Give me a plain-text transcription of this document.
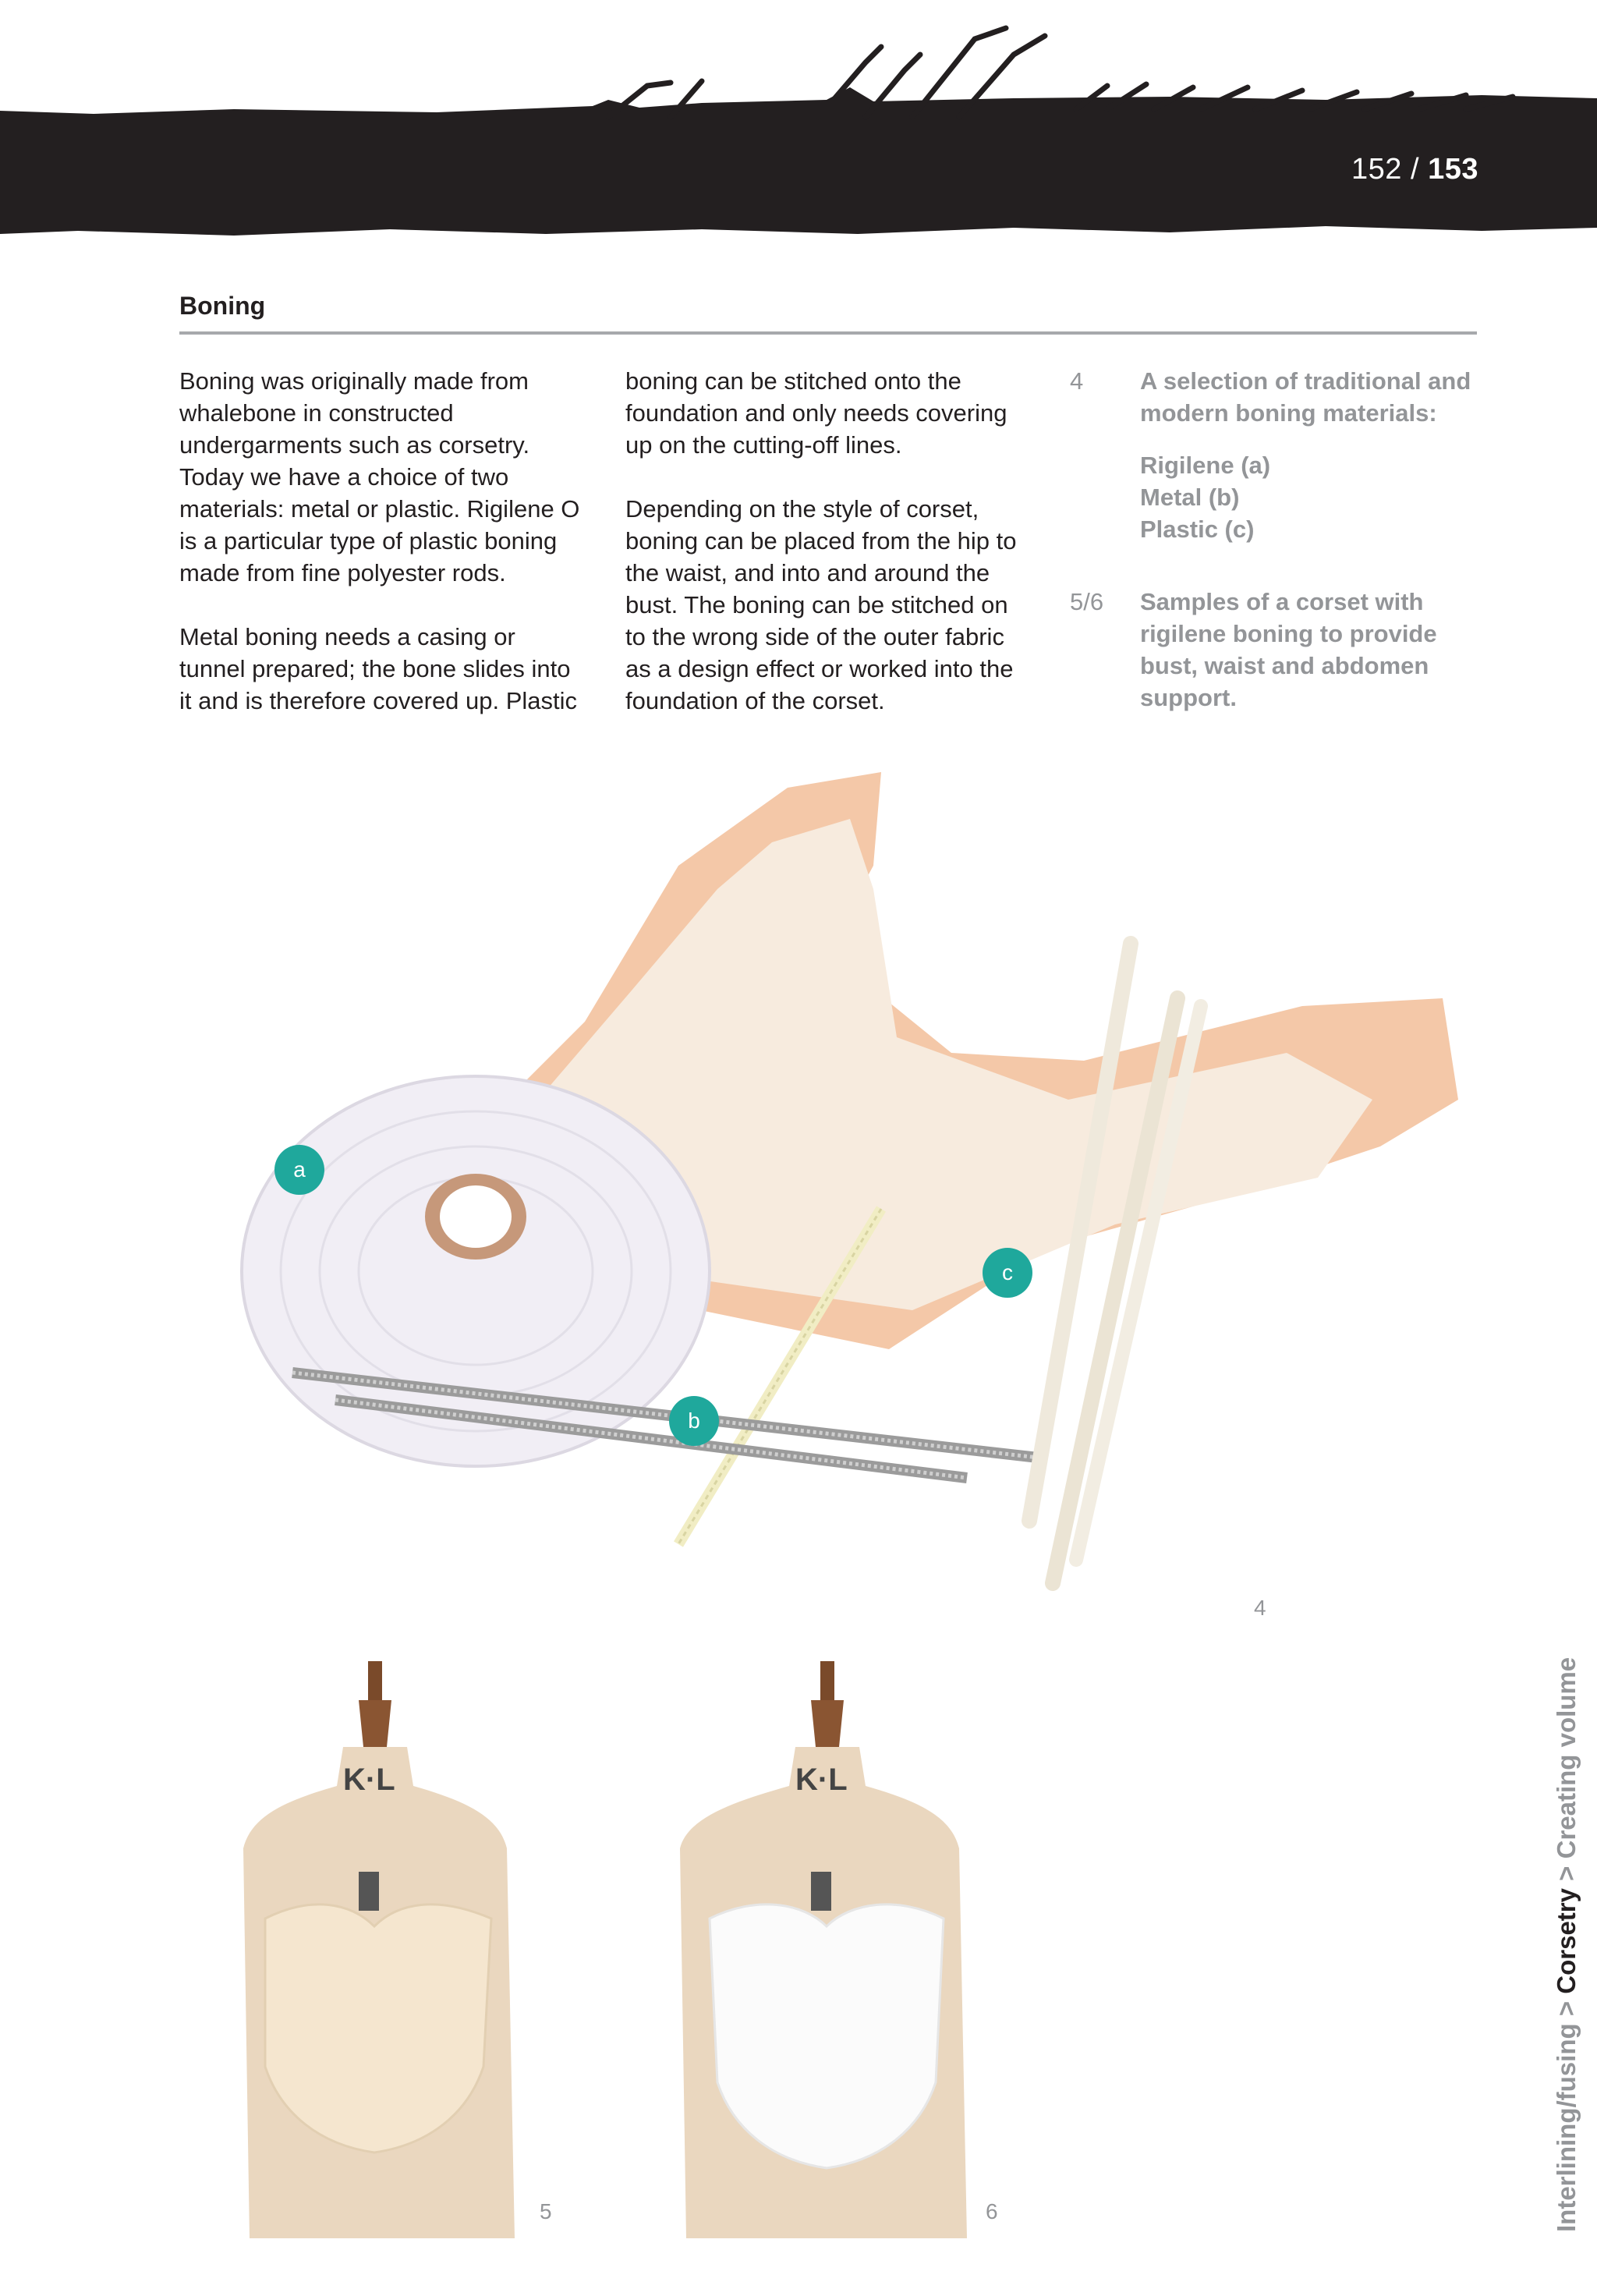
152 / 153
Boning

Boning was originally made from whalebone in constructed undergarments such as corsetry. Today we have a choice of two materials: metal or plastic. Rigilene O is a particular type of plastic boning made from fine polyester rods.

Metal boning needs a casing or tunnel prepared; the bone slides into it and is therefore covered up. Plastic

boning can be stitched onto the foundation and only needs covering up on the cutting-off lines.

Depending on the style of corset, boning can be placed from the hip to the waist, and into and around the bust. The boning can be stitched on to the wrong side of the outer fabric as a design effect or worked into the foundation of the corset.

4	A selection of traditional and modern boning materials:

Rigilene (a)
Metal (b)
Plastic (c)
5/6	Samples of a corset with rigilene boning to provide bust, waist and abdomen support.

a
b
c
4
K·L
5
K·L
6	Interlining/fusing > Corsetry > Creating volume
